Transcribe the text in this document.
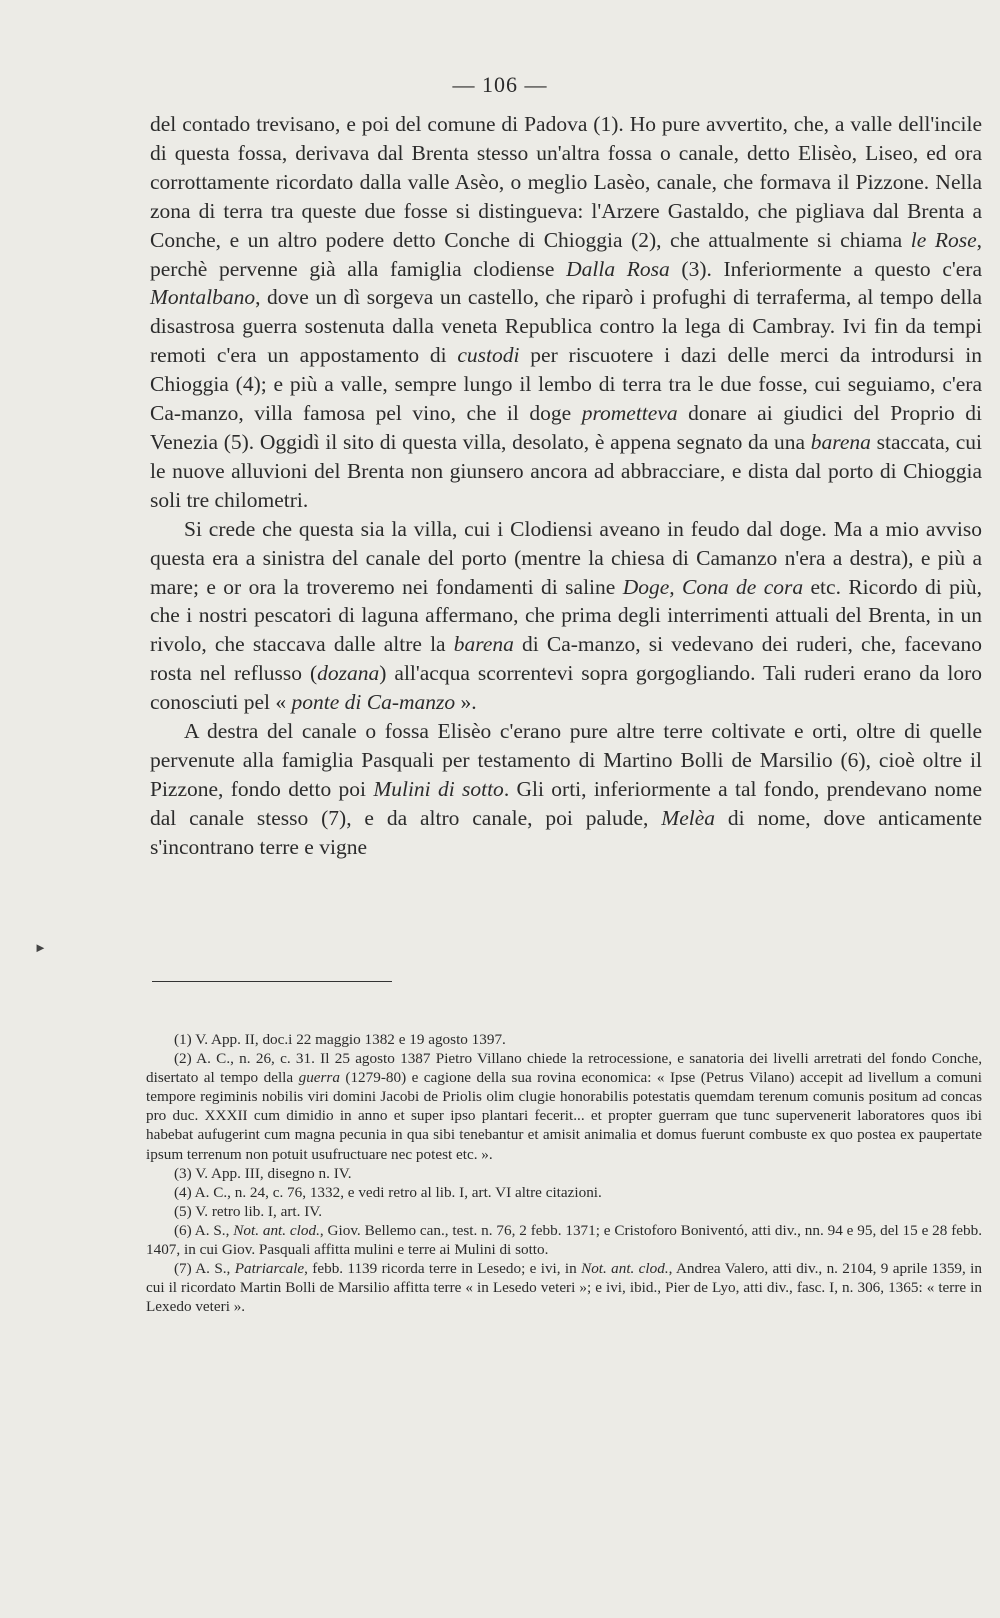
— 106 —

del contado trevisano, e poi del comune di Padova (1). Ho pure avvertito, che, a valle dell'incile di questa fossa, derivava dal Brenta stesso un'altra fossa o canale, detto Elisèo, Liseo, ed ora corrottamente ricordato dalla valle Asèo, o meglio Lasèo, canale, che formava il Pizzone. Nella zona di terra tra queste due fosse si distingueva: l'Arzere Gastaldo, che pigliava dal Brenta a Conche, e un altro podere detto Conche di Chioggia (2), che attualmente si chiama le Rose, perchè pervenne già alla famiglia clodiense Dalla Rosa (3). Inferiormente a questo c'era Montalbano, dove un dì sorgeva un castello, che riparò i profughi di terraferma, al tempo della disastrosa guerra sostenuta dalla veneta Republica contro la lega di Cambray. Ivi fin da tempi remoti c'era un appostamento di custodi per riscuotere i dazi delle merci da introdursi in Chioggia (4); e più a valle, sempre lungo il lembo di terra tra le due fosse, cui seguiamo, c'era Ca-manzo, villa famosa pel vino, che il doge prometteva donare ai giudici del Proprio di Venezia (5). Oggidì il sito di questa villa, desolato, è appena segnato da una barena staccata, cui le nuove alluvioni del Brenta non giunsero ancora ad abbracciare, e dista dal porto di Chioggia soli tre chilometri.

Si crede che questa sia la villa, cui i Clodiensi aveano in feudo dal doge. Ma a mio avviso questa era a sinistra del canale del porto (mentre la chiesa di Camanzo n'era a destra), e più a mare; e or ora la troveremo nei fondamenti di saline Doge, Cona de cora etc. Ricordo di più, che i nostri pescatori di laguna affermano, che prima degli interrimenti attuali del Brenta, in un rivolo, che staccava dalle altre la barena di Ca-manzo, si vedevano dei ruderi, che, facevano rosta nel reflusso (dozana) all'acqua scorrentevi sopra gorgogliando. Tali ruderi erano da loro conosciuti pel « ponte di Ca-manzo ».

A destra del canale o fossa Elisèo c'erano pure altre terre coltivate e orti, oltre di quelle pervenute alla famiglia Pasquali per testamento di Martino Bolli de Marsilio (6), cioè oltre il Pizzone, fondo detto poi Mulini di sotto. Gli orti, inferiormente a tal fondo, prendevano nome dal canale stesso (7), e da altro canale, poi palude, Melèa di nome, dove anticamente s'incontrano terre e vigne

►

(1) V. App. II, doc.i 22 maggio 1382 e 19 agosto 1397.

(2) A. C., n. 26, c. 31. Il 25 agosto 1387 Pietro Villano chiede la retrocessione, e sanatoria dei livelli arretrati del fondo Conche, disertato al tempo della guerra (1279-80) e cagione della sua rovina economica: « Ipse (Petrus Vilano) accepit ad livellum a comuni tempore regiminis nobilis viri domini Jacobi de Priolis olim clugie honorabilis potestatis quemdam terenum comunis positum ad concas pro duc. XXXII cum dimidio in anno et super ipso plantari fecerit... et propter guerram que tunc supervenerit laboratores quos ibi habebat aufugerint cum magna pecunia in qua sibi tenebantur et amisit animalia et domus fuerunt combuste ex quo postea ex paupertate ipsum terrenum non potuit usufructuare nec potest etc. ».

(3) V. App. III, disegno n. IV.

(4) A. C., n. 24, c. 76, 1332, e vedi retro al lib. I, art. VI altre citazioni.

(5) V. retro lib. I, art. IV.

(6) A. S., Not. ant. clod., Giov. Bellemo can., test. n. 76, 2 febb. 1371; e Cristoforo Boniventó, atti div., nn. 94 e 95, del 15 e 28 febb. 1407, in cui Giov. Pasquali affitta mulini e terre ai Mulini di sotto.

(7) A. S., Patriarcale, febb. 1139 ricorda terre in Lesedo; e ivi, in Not. ant. clod., Andrea Valero, atti div., n. 2104, 9 aprile 1359, in cui il ricordato Martin Bolli de Marsilio affitta terre « in Lesedo veteri »; e ivi, ibid., Pier de Lyo, atti div., fasc. I, n. 306, 1365: « terre in Lexedo veteri ».
